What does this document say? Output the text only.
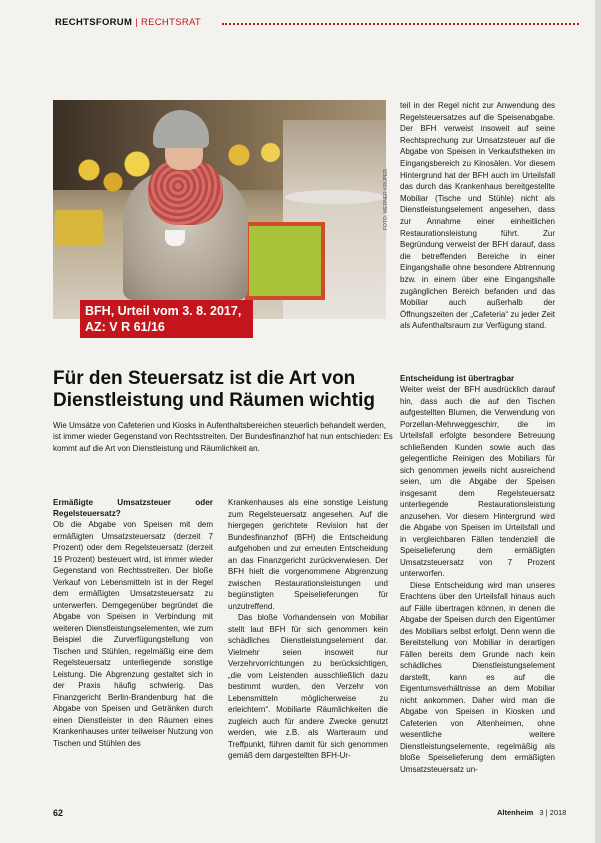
RECHTSFORUM | RECHTSRAT
BFH, Urteil vom 3. 8. 2017,
AZ: V R 61/16
FOTO: WERNER KRÜPER

teil in der Regel nicht zur Anwendung des Regelsteuersatzes auf die Speisenabgabe. Der BFH verweist insoweit auf seine Rechtsprechung zur Umsatzsteuer auf die Abgabe von Speisen in Verkaufstheken im Eingangsbereich zu Kinosälen. Vor diesem Hintergrund hat der BFH auch im Urteilsfall das durch das Krankenhaus bereitgestellte Mobiliar (Tische und Stühle) nicht als Dienstleistungselement angesehen, dass zur Annahme einer einheitlichen Restaurationsleistung führt. Zur Begründung verweist der BFH darauf, dass die betreffenden Bereiche in einer Eingangshalle ohne besondere Abtrennung bzw. in einem über eine Eingangshalle zugänglichen Bereich befanden und das Mobiliar auch außerhalb der Öffnungszeiten der „Cafeteria“ zu jeder Zeit als Aufenthaltsraum zur Verfügung stand.

Für den Steuersatz ist die Art von Dienstleistung und Räumen wichtig

Wie Umsätze von Cafeterien und Kiosks in Aufenthaltsbereichen steuerlich behandelt werden, ist immer wieder Gegenstand von Rechtsstreiten. Der Bundesfinanzhof hat nun entschieden: Es kommt auf die Art von Dienstleistung und Räumlichkeit an.

Ermäßigte Umsatzsteuer oder Regelsteuersatz?

Ob die Abgabe von Speisen mit dem ermäßigten Umsatzsteuersatz (derzeit 7 Prozent) oder dem Regelsteuersatz (derzeit 19 Prozent) besteuert wird, ist immer wieder Gegenstand von Rechtsstreiten. Der bloße Verkauf von Lebensmitteln ist in der Regel dem ermäßigten Umsatzsteuersatz zu unterwerfen. Demgegenüber begründet die Abgabe von Speisen in Verbindung mit weiteren Dienstleistungselementen, wie zum Beispiel die Zurverfügungstellung von Tischen und Stühlen, regelmäßig eine dem Regelsteuersatz unterliegende sonstige Leistung. Die Abgrenzung gestaltet sich in der Praxis häufig schwierig. Das Finanzgericht Berlin-Brandenburg hat die Abgabe von Speisen und Getränken durch einen Dienstleister in den Räumen eines Krankenhauses unter teilweiser Nutzung von Tischen und Stühlen des

Krankenhauses als eine sonstige Leistung zum Regelsteuersatz angesehen. Auf die hiergegen gerichtete Revision hat der Bundesfinanzhof (BFH) die Entscheidung aufgehoben und zur erneuten Entscheidung an das Finanzgericht zurückverwiesen. Der BFH hielt die vorgenommene Abgrenzung zwischen Restaurationsleistungen und begünstigten Speiselieferungen für unzutreffend.

Das bloße Vorhandensein von Mobiliar stellt laut BFH für sich genommen kein schädliches Dienstleistungselement dar. Vielmehr seien insoweit nur Verzehrvorrichtungen zu berücksichtigen, „die vom Leistenden ausschließlich dazu bestimmt wurden, den Verzehr von Lebensmitteln möglicherweise zu erleichtern“. Mobiliarte Räumlichkeiten die zugleich auch für andere Zwecke genutzt werden, wie z.B. als Warteraum und Treffpunkt, führen damit für sich genommen gemäß dem dargestellten BFH-Ur-

Entscheidung ist übertragbar

Weiter weist der BFH ausdrücklich darauf hin, dass auch die auf den Tischen aufgestellten Blumen, die Verwendung von Porzellan-Mehrweggeschirr, die im Urteilsfall erfolgte besondere Betreuung schließenden Kunden sowie auch das gelegentliche Reinigen des Mobiliars für sich genommen jeweils nicht ausreichend seien, um die Abgabe der Speisen insgesamt dem Regelsteuersatz unterliegende Restaurationsleistung anzusehen. Vor diesem Hintergrund wird die Abgabe von Speisen im Urteilsfall und in vergleichbaren Fällen tendenziell die Speiselieferung dem ermäßigten Umsatzsteuersatz von 7 Prozent unterworfen.

Diese Entscheidung wird man unseres Erachtens über den Urteilsfall hinaus auch auf Fälle übertragen können, in denen die Abgabe der Speisen durch den Eigentümer des Mobiliars selbst erfolgt. Denn wenn die Bereitstellung von Mobiliar in derartigen Fällen bereits dem Grunde nach kein schädliches Dienstleistungselement darstellt, kann es auf die Eigentumsverhältnisse an dem Mobiliar nicht ankommen. Daher wird man die Abgabe von Speisen in Kiosken und Cafeterien von Altenheimen, ohne wesentliche weitere Dienstleistungselemente, regelmäßig als bloße Speiselieferung dem ermäßigten Umsatzsteuersatz un-

62	Altenheim 3 | 2018
